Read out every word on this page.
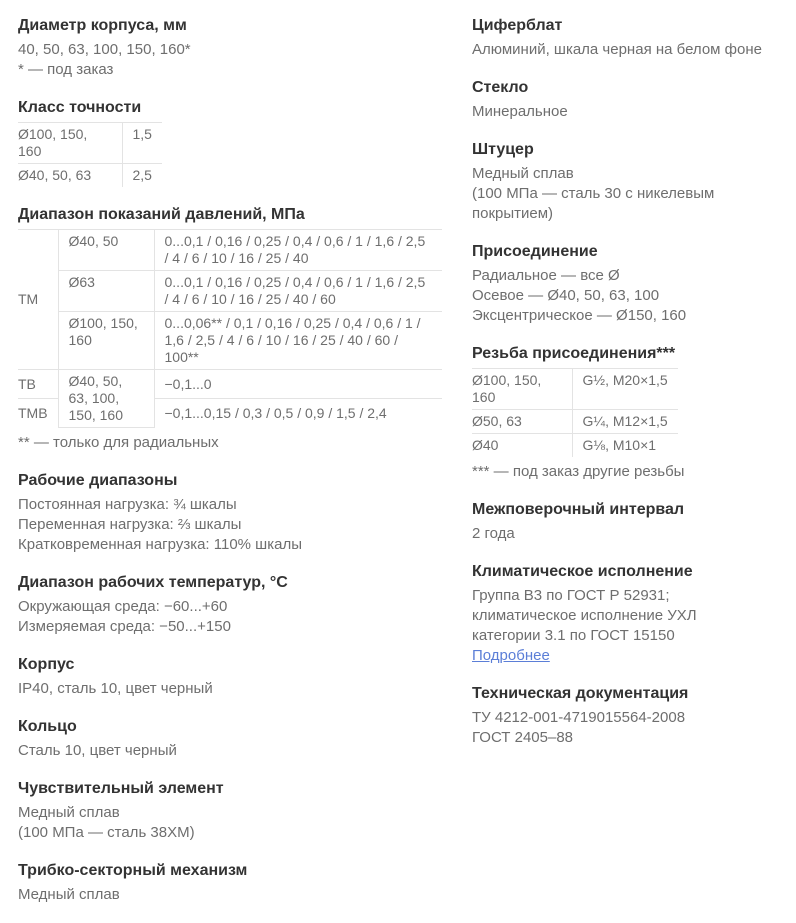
Диаметр корпуса, мм
40, 50, 63, 100, 150, 160*
* — под заказ
Класс точности
Ø100, 150, 160	1,5
Ø40, 50, 63	2,5
Диапазон показаний давлений, МПа
ТМ	Ø40, 50	0...0,1 / 0,16 / 0,25 / 0,4 / 0,6 / 1 / 1,6 / 2,5 / 4 / 6 / 10 / 16 / 25 / 40
	Ø63	0...0,1 / 0,16 / 0,25 / 0,4 / 0,6 / 1 / 1,6 / 2,5 / 4 / 6 / 10 / 16 / 25 / 40 / 60
	Ø100, 150, 160	0...0,06** / 0,1 / 0,16 / 0,25 / 0,4 / 0,6 / 1 / 1,6 / 2,5 / 4 / 6 / 10 / 16 / 25 / 40 / 60 / 100**
ТВ	Ø40, 50, 63, 100, 150, 160	−0,1...0
ТМВ		−0,1...0,15 / 0,3 / 0,5 / 0,9 / 1,5 / 2,4
** — только для радиальных
Рабочие диапазоны
Постоянная нагрузка: ¾ шкалы
Переменная нагрузка: ⅔ шкалы
Кратковременная нагрузка: 110% шкалы
Диапазон рабочих температур, °C
Окружающая среда: −60...+60
Измеряемая среда: −50...+150
Корпус
IP40, сталь 10, цвет черный
Кольцо
Сталь 10, цвет черный
Чувствительный элемент
Медный сплав
(100 МПа — сталь 38ХМ)
Трибко-секторный механизм
Медный сплав
Циферблат
Алюминий, шкала черная на белом фоне
Стекло
Минеральное
Штуцер
Медный сплав
(100 МПа — сталь 30 с никелевым покрытием)
Присоединение
Радиальное — все Ø
Осевое — Ø40, 50, 63, 100
Эксцентрическое — Ø150, 160
Резьба присоединения***
Ø100, 150, 160	G½, M20×1,5
Ø50, 63	G¼, M12×1,5
Ø40	G⅛, M10×1
*** — под заказ другие резьбы
Межповерочный интервал
2 года
Климатическое исполнение
Группа В3 по ГОСТ Р 52931;
климатическое исполнение УХЛ
категории 3.1 по ГОСТ 15150
Подробнее
Техническая документация
ТУ 4212-001-4719015564-2008
ГОСТ 2405–88
